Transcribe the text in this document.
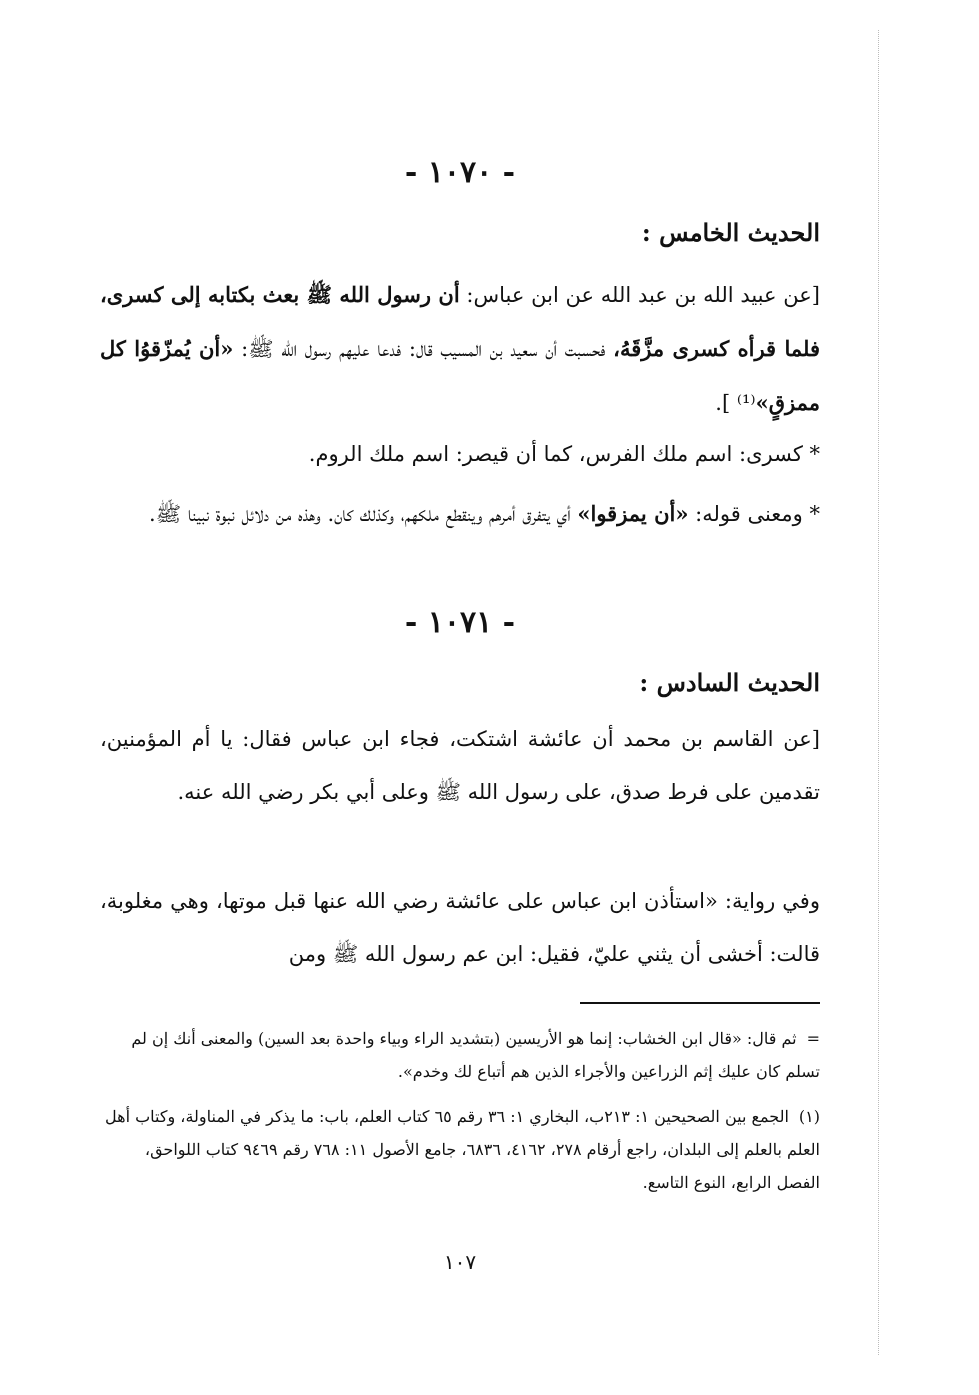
- ١٠٧٠ -
الحديث الخامس :
[عن عبيد الله بن عبد الله عن ابن عباس: أن رسول الله ﷺ بعث بكتابه إلى كسرى، فلما قرأه كسرى مزَّقَهُ، فحسبت أن سعيد بن المسيب قال: فدعا عليهم رسول الله ﷺ: «أن يُمزّقوُا كل ممزقٍ»⁽¹⁾ ].
* كسرى: اسم ملك الفرس، كما أن قيصر: اسم ملك الروم.
* ومعنى قوله: «أن يمزقوا» أي يتفرق أمرهم وينقطع ملكهم، وكذلك كان. وهذه من دلائل نبوة نبينا ﷺ.
- ١٠٧١ -
الحديث السادس :
[عن القاسم بن محمد أن عائشة اشتكت، فجاء ابن عباس فقال: يا أم المؤمنين، تقدمين على فرط صدق، على رسول الله ﷺ وعلى أبي بكر رضي الله عنه.
وفي رواية: «استأذن ابن عباس على عائشة رضي الله عنها قبل موتها، وهي مغلوبة، قالت: أخشى أن يثني عليّ، فقيل: ابن عم رسول الله ﷺ ومن
=ثم قال: «قال ابن الخشاب: إنما هو الأريسين (بتشديد الراء وبياء واحدة بعد السين) والمعنى أنك إن لم تسلم كان عليك إثم الزراعين والأجراء الذين هم أتباع لك وخدم».
(١)الجمع بين الصحيحين ١: ٢١٣ب، البخاري ١: ٣٦ رقم ٦٥ كتاب العلم، باب: ما يذكر في المناولة، وكتاب أهل العلم بالعلم إلى البلدان، راجع أرقام ٢٧٨، ٤١٦٢، ٦٨٣٦، جامع الأصول ١١: ٧٦٨ رقم ٩٤٦٩ كتاب اللواحق، الفصل الرابع، النوع التاسع.
١٠٧
